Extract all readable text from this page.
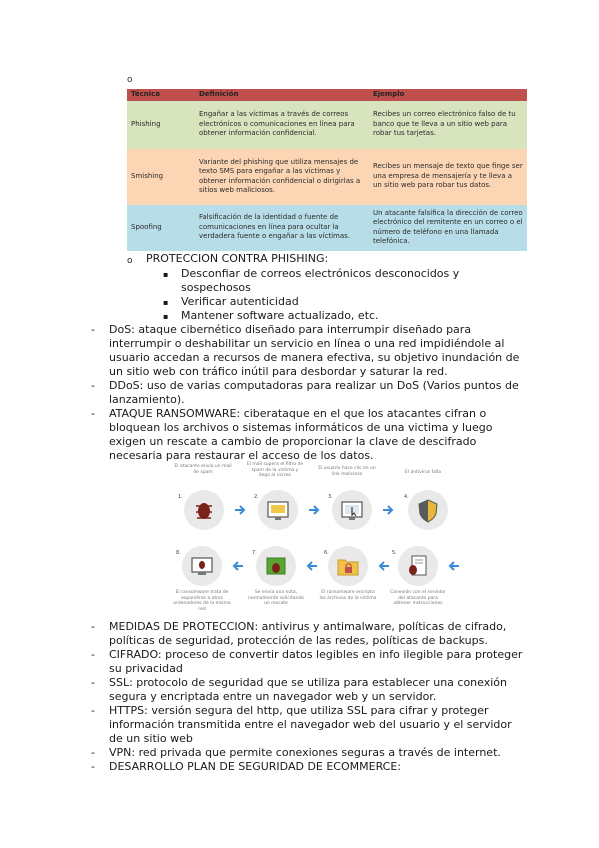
o
Técnica	Definición	Ejemplo
Phishing	Engañar a las víctimas a través de correos electrónicos o comunicaciones en línea para obtener información confidencial.	Recibes un correo electrónico falso de tu banco que te lleva a un sitio web para robar tus tarjetas.
Smishing	Variante del phishing que utiliza mensajes de texto SMS para engañar a las víctimas y obtener información confidencial o dirigirlas a sitios web maliciosos.	Recibes un mensaje de texto que finge ser una empresa de mensajería y te lleva a un sitio web para robar tus datos.
Spoofing	Falsificación de la identidad o fuente de comunicaciones en línea para ocultar la verdadera fuente o engañar a las víctimas.	Un atacante falsifica la dirección de correo electrónico del remitente en un correo o el número de teléfono en una llamada telefónica.
o PROTECCION CONTRA PHISHING:
▪ Desconfiar de correos electrónicos desconocidos y
sospechosos
▪ Verificar autenticidad
▪ Mantener software actualizado, etc.
- DoS: ataque cibernético diseñado para interrumpir diseñado para
interrumpir o deshabilitar un servicio en línea o una red impidiéndole al
usuario accedan a recursos de manera efectiva, su objetivo inundación de
un sitio web con tráfico inútil para desbordar y saturar la red.
- DDoS: uso de varias computadoras para realizar un DoS (Varios puntos de
lanzamiento).
- ATAQUE RANSOMWARE: ciberataque en el que los atacantes cifran o
bloquean los archivos o sistemas informáticos de una victima y luego
exigen un rescate a cambio de proporcionar la clave de descifrado
necesaria para restaurar el acceso de los datos.
El atacante envía un mail de spam
El mail supera el filtro de spam de la víctima y llega al correo
El usuario hace clic en un link malicioso	El antivirus falla
1.	2.	3.	4.
8.	7.	6.	5.
El ransomware trata de expandirse a otros ordenadores de la misma red
Se envía una nota, normalmente solicitando un rescate
El ransomware encripta los archivos de la víctima
Conexión con el servidor del atacante para obtener instrucciones
- MEDIDAS DE PROTECCION: antivirus y antimalware, políticas de cifrado,
políticas de seguridad, protección de las redes, políticas de backups.
- CIFRADO: proceso de convertir datos legibles en info ilegible para proteger
su privacidad
- SSL: protocolo de seguridad que se utiliza para establecer una conexión
segura y encriptada entre un navegador web y un servidor.
- HTTPS: versión segura del http, que utiliza SSL para cifrar y proteger
información transmitida entre el navegador web del usuario y el servidor
de un sitio web
- VPN: red privada que permite conexiones seguras a través de internet.
- DESARROLLO PLAN DE SEGURIDAD DE ECOMMERCE:
